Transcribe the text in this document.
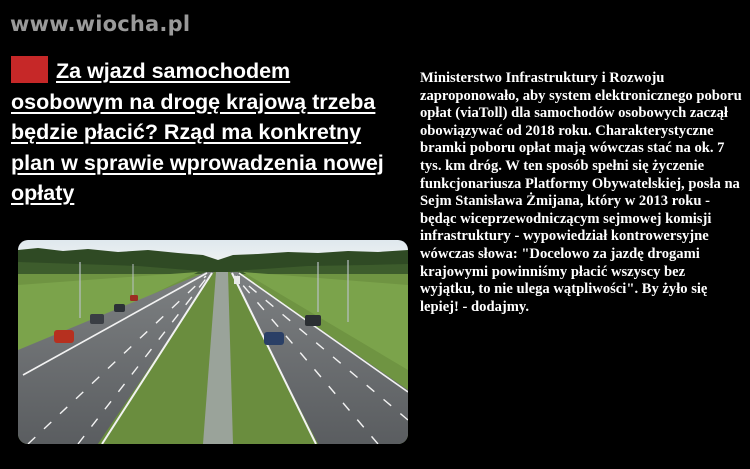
www.wiocha.pl
Za wjazd samochodem osobowym na drogę krajową trzeba będzie płacić? Rząd ma konkretny plan w sprawie wprowadzenia nowej opłaty
Ministerstwo Infrastruktury i Rozwoju zaproponowało, aby system elektronicznego poboru opłat (viaToll) dla samochodów osobowych zaczął obowiązywać od 2018 roku. Charakterystyczne bramki poboru opłat mają wówczas stać na ok. 7 tys. km dróg. W ten sposób spełni się życzenie funkcjonariusza Platformy Obywatelskiej, posła na Sejm Stanisława Żmijana, który w 2013 roku - będąc wiceprzewodniczącym sejmowej komisji infrastruktury - wypowiedział kontrowersyjne wówczas słowa: "Docelowo za jazdę drogami krajowymi powinniśmy płacić wszyscy bez wyjątku, to nie ulega wątpliwości". By żyło się lepiej! - dodajmy.
